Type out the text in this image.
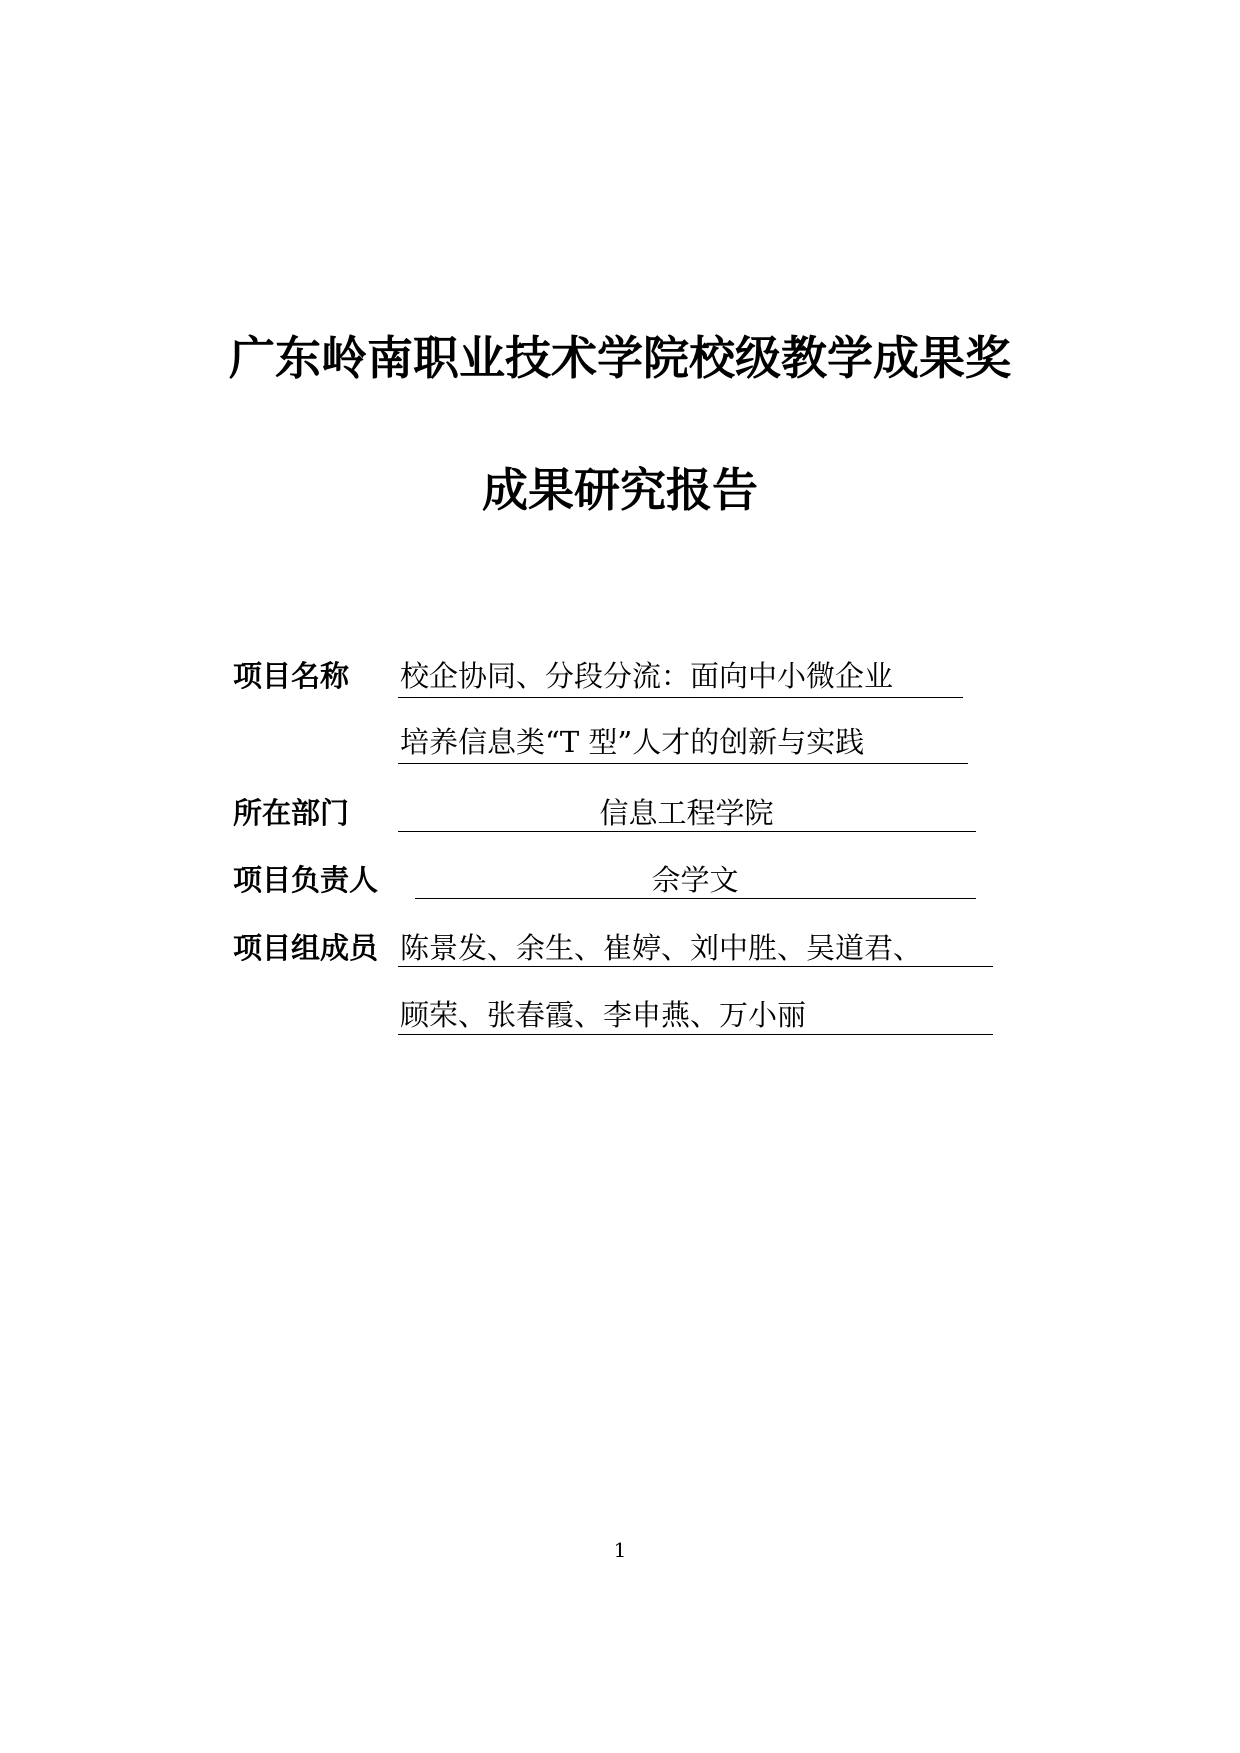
广东岭南职业技术学院校级教学成果奖
成果研究报告
项目名称 校企协同、分段分流：面向中小微企业
培养信息类“T 型”人才的创新与实践
所在部门	信息工程学院
项目负责人	佘学文
项目组成员 陈景发、余生、崔婷、刘中胜、吴道君、
顾荣、张春霞、李申燕、万小丽
1
